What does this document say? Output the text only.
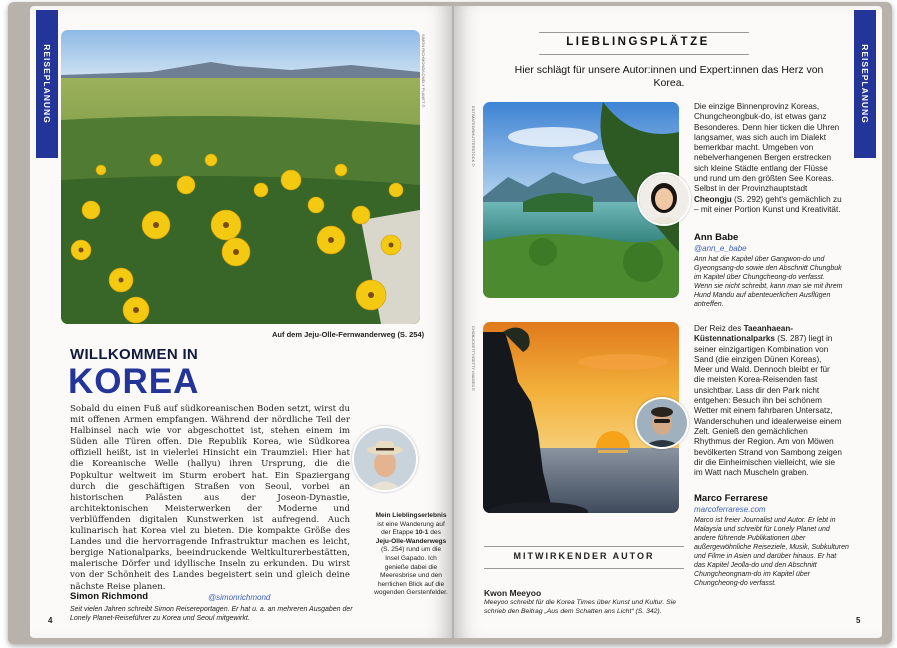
REISEPLANUNG	SIMON RICHMOND/LONELY PLANET ©
Auf dem Jeju-Olle-Fernwanderweg (S. 254)
WILLKOMMEN IN
KOREA
Sobald du einen Fuß auf südkoreanischen Boden setzt, wirst du mit offenen Armen empfangen. Während der nördliche Teil der Halbinsel nach wie vor abgeschottet ist, stehen einem im Süden alle Türen offen. Die Republik Korea, wie Südkorea offiziell heißt, ist in vielerlei Hinsicht ein Traumziel: Hier hat die Koreanische Welle (hallyu) ihren Ursprung, die die Popkultur weltweit im Sturm erobert hat. Ein Spaziergang durch die geschäftigen Straßen von Seoul, vorbei an historischen Palästen aus der Joseon-Dynastie, architektonischen Meisterwerken der Moderne und verblüffenden digitalen Kunstwerken ist aufregend. Auch kulinarisch hat Korea viel zu bieten. Die kompakte Größe des Landes und die hervorragende Infrastruktur machen es leicht, bergige Nationalparks, beeindruckende Weltkulturerbestätten, malerische Dörfer und idyllische Inseln zu erkunden. Du wirst von der Schönheit des Landes begeistert sein und gleich deine nächste Reise planen.
Mein Lieblingserlebnis ist eine Wanderung auf der Etappe 10-1 des Jeju-Olle-Wanderwegs (S. 254) rund um die Insel Gapado. Ich genieße dabei die Meeresbrise und den herrlichen Blick auf die wogenden Gerstenfelder.
Simon Richmond	@simonrichmond
Seit vielen Jahren schreibt Simon Reisereportagen. Er hat u. a. an mehreren Ausgaben der Lonely Planet-Reiseführer zu Korea und Seoul mitgewirkt.
4
REISEPLANUNG
LIEBLINGSPLÄTZE
Hier schlägt für unsere Autor:innen und Expert:innen das Herz von Korea.
ESTIMATED/SHUTTERSTOCK ©	Die einzige Binnenprovinz Koreas, Chungcheongbuk-do, ist etwas ganz Besonderes. Denn hier ticken die Uhren langsamer, was sich auch im Dialekt bemerkbar macht. Umgeben von nebelverhangenen Bergen erstrecken sich kleine Städte entlang der Flüsse und rund um den größten See Koreas. Selbst in der Provinzhauptstadt Cheongju (S. 292) geht's gemächlich zu – mit einer Portion Kunst und Kreativität.
Ann Babe
@ann_e_babe
Ann hat die Kapitel über Gangwon-do und Gyeongsang-do sowie den Abschnitt Chungbuk im Kapitel über Chungcheong-do verfasst. Wenn sie nicht schreibt, kann man sie mit ihrem Hund Mandu auf abenteuerlichen Ausflügen antreffen.
CHSBUCKETTY/GETTY IMAGES ©	Der Reiz des Taeanhaean-Küstennationalparks (S. 287) liegt in seiner einzigartigen Kombination von Sand (die einzigen Dünen Koreas), Meer und Wald. Dennoch bleibt er für die meisten Korea-Reisenden fast unsichtbar. Lass dir den Park nicht entgehen: Besuch ihn bei schönem Wetter mit einem fahrbaren Untersatz, Wanderschuhen und idealerweise einem Zelt. Genieß den gemächlichen Rhythmus der Region. Am von Möwen bevölkerten Strand von Sambong zeigen dir die Einheimischen vielleicht, wie sie im Watt nach Muscheln graben.
Marco Ferrarese
marcoferrarese.com
Marco ist freier Journalist und Autor. Er lebt in Malaysia und schreibt für Lonely Planet und andere führende Publikationen über außergewöhnliche Reiseziele, Musik, Subkulturen und Filme in Asien und darüber hinaus. Er hat das Kapitel Jeolla-do und den Abschnitt Chungcheongnam-do im Kapitel über Chungcheong-do verfasst.
MITWIRKENDER AUTOR
Kwon Meeyoo
Meeyoo schreibt für die Korea Times über Kunst und Kultur. Sie schrieb den Beitrag „Aus dem Schatten ans Licht“ (S. 342).
5
